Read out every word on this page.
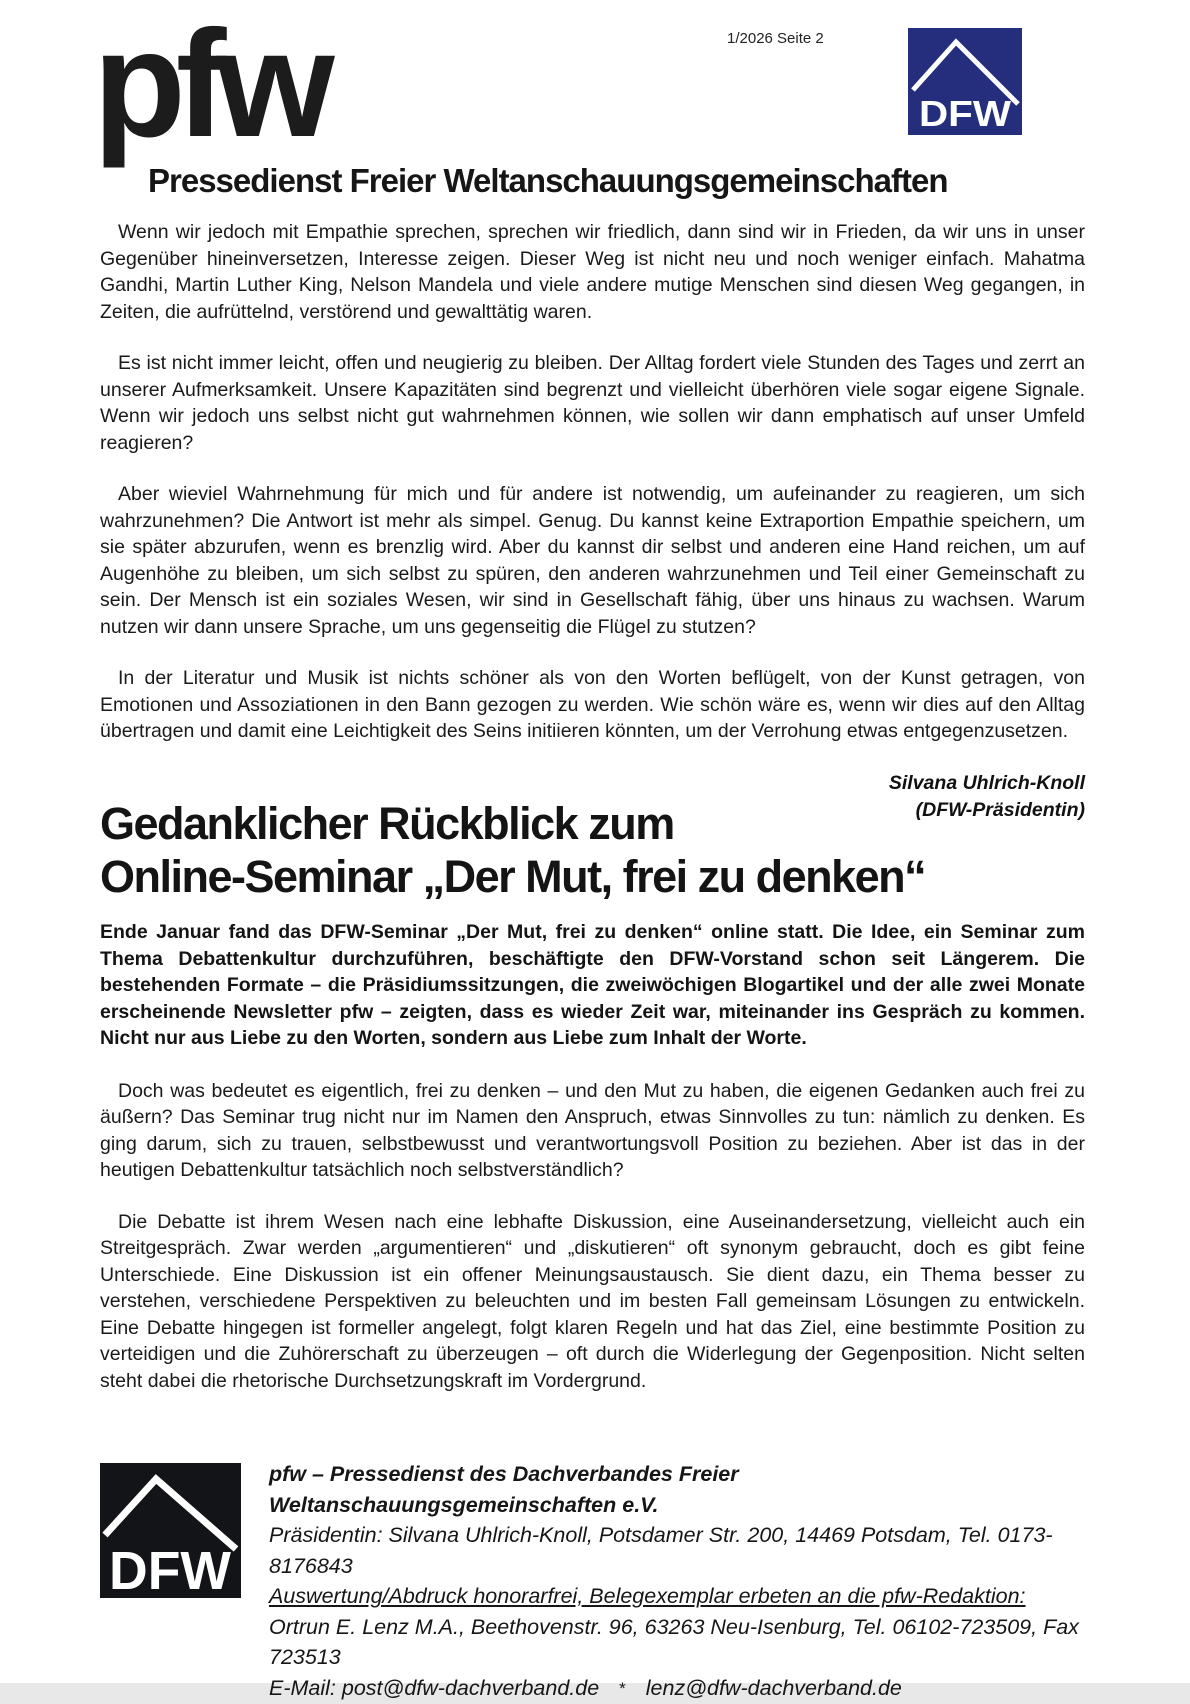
1/2026 Seite 2
pfw
Pressedienst Freier Weltanschauungsgemeinschaften
DFW

Wenn wir jedoch mit Empathie sprechen, sprechen wir friedlich, dann sind wir in Frieden, da wir uns in unser Gegenüber hineinversetzen, Interesse zeigen. Dieser Weg ist nicht neu und noch weniger einfach. Mahatma Gandhi, Martin Luther King, Nelson Mandela und viele andere mutige Menschen sind diesen Weg gegangen, in Zeiten, die aufrüttelnd, verstörend und gewalttätig waren.

Es ist nicht immer leicht, offen und neugierig zu bleiben. Der Alltag fordert viele Stunden des Tages und zerrt an unserer Aufmerksamkeit. Unsere Kapazitäten sind begrenzt und vielleicht überhören viele sogar eigene Signale. Wenn wir jedoch uns selbst nicht gut wahrnehmen können, wie sollen wir dann emphatisch auf unser Umfeld reagieren?

Aber wieviel Wahrnehmung für mich und für andere ist notwendig, um aufeinander zu reagieren, um sich wahrzunehmen? Die Antwort ist mehr als simpel. Genug. Du kannst keine Extraportion Empathie speichern, um sie später abzurufen, wenn es brenzlig wird. Aber du kannst dir selbst und anderen eine Hand reichen, um auf Augenhöhe zu bleiben, um sich selbst zu spüren, den anderen wahrzunehmen und Teil einer Gemeinschaft zu sein. Der Mensch ist ein soziales Wesen, wir sind in Gesellschaft fähig, über uns hinaus zu wachsen. Warum nutzen wir dann unsere Sprache, um uns gegenseitig die Flügel zu stutzen?

In der Literatur und Musik ist nichts schöner als von den Worten beflügelt, von der Kunst getragen, von Emotionen und Assoziationen in den Bann gezogen zu werden. Wie schön wäre es, wenn wir dies auf den Alltag übertragen und damit eine Leichtigkeit des Seins initiieren könnten, um der Verrohung etwas entgegenzusetzen.

Silvana Uhlrich-Knoll
(DFW-Präsidentin)
Gedanklicher Rückblick zum
Online-Seminar „Der Mut, frei zu denken“

Ende Januar fand das DFW-Seminar „Der Mut, frei zu denken“ online statt. Die Idee, ein Seminar zum Thema Debattenkultur durchzuführen, beschäftigte den DFW-Vorstand schon seit Längerem. Die bestehenden Formate – die Präsidiumssitzungen, die zweiwöchigen Blogartikel und der alle zwei Monate erscheinende Newsletter pfw – zeigten, dass es wieder Zeit war, miteinander ins Gespräch zu kommen. Nicht nur aus Liebe zu den Worten, sondern aus Liebe zum Inhalt der Worte.

Doch was bedeutet es eigentlich, frei zu denken – und den Mut zu haben, die eigenen Gedanken auch frei zu äußern? Das Seminar trug nicht nur im Namen den Anspruch, etwas Sinnvolles zu tun: nämlich zu denken. Es ging darum, sich zu trauen, selbstbewusst und verantwortungsvoll Position zu beziehen. Aber ist das in der heutigen Debattenkultur tatsächlich noch selbstverständlich?

Die Debatte ist ihrem Wesen nach eine lebhafte Diskussion, eine Auseinandersetzung, vielleicht auch ein Streitgespräch. Zwar werden „argumentieren“ und „diskutieren“ oft synonym gebraucht, doch es gibt feine Unterschiede. Eine Diskussion ist ein offener Meinungsaustausch. Sie dient dazu, ein Thema besser zu verstehen, verschiedene Perspektiven zu beleuchten und im besten Fall gemeinsam Lösungen zu entwickeln. Eine Debatte hingegen ist formeller angelegt, folgt klaren Regeln und hat das Ziel, eine bestimmte Position zu verteidigen und die Zuhörerschaft zu überzeugen – oft durch die Widerlegung der Gegenposition. Nicht selten steht dabei die rhetorische Durchsetzungskraft im Vordergrund.

DFW
pfw – Pressedienst des Dachverbandes Freier Weltanschauungsgemeinschaften e.V.
Präsidentin: Silvana Uhlrich-Knoll, Potsdamer Str. 200, 14469 Potsdam, Tel. 0173-8176843
Auswertung/Abdruck honorarfrei, Belegexemplar erbeten an die pfw-Redaktion:
Ortrun E. Lenz M.A., Beethovenstr. 96, 63263 Neu-Isenburg, Tel. 06102-723509, Fax 723513
E-Mail: post@dfw-dachverband.de * lenz@dfw-dachverband.de
